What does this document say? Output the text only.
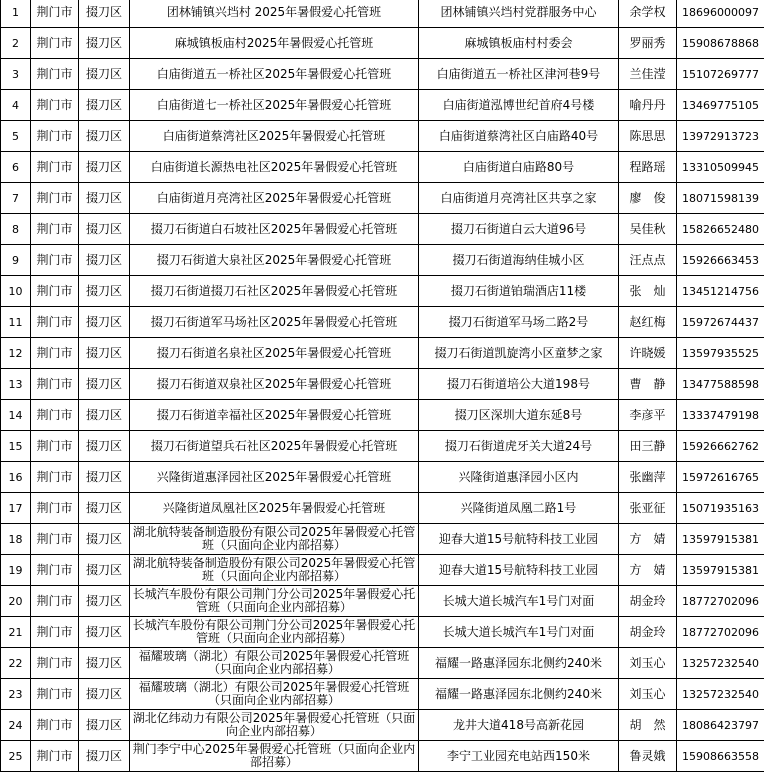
1	荆门市	掇刀区	团林铺镇兴垱村 2025年暑假爱心托管班	团林铺镇兴垱村党群服务中心	余学权	18696000097
2	荆门市	掇刀区	麻城镇板庙村2025年暑假爱心托管班	麻城镇板庙村村委会	罗丽秀	15908678868
3	荆门市	掇刀区	白庙街道五一桥社区2025年暑假爱心托管班	白庙街道五一桥社区津河巷9号	兰佳滢	15107269777
4	荆门市	掇刀区	白庙街道七一桥社区2025年暑假爱心托管班	白庙街道泓博世纪首府4号楼	喻丹丹	13469775105
5	荆门市	掇刀区	白庙街道蔡湾社区2025年暑假爱心托管班	白庙街道蔡湾社区白庙路40号	陈思思	13972913723
6	荆门市	掇刀区	白庙街道长源热电社区2025年暑假爱心托管班	白庙街道白庙路80号	程路瑶	13310509945
7	荆门市	掇刀区	白庙街道月亮湾社区2025年暑假爱心托管班	白庙街道月亮湾社区共享之家	廖　俊	18071598139
8	荆门市	掇刀区	掇刀石街道白石坡社区2025年暑假爱心托管班	掇刀石街道白云大道96号	吴佳秋	15826652480
9	荆门市	掇刀区	掇刀石街道大泉社区2025年暑假爱心托管班	掇刀石街道海纳佳城小区	汪点点	15926663453
10	荆门市	掇刀区	掇刀石街道掇刀石社区2025年暑假爱心托管班	掇刀石街道铂瑞酒店11楼	张　灿	13451214756
11	荆门市	掇刀区	掇刀石街道军马场社区2025年暑假爱心托管班	掇刀石街道军马场二路2号	赵红梅	15972674437
12	荆门市	掇刀区	掇刀石街道名泉社区2025年暑假爱心托管班	掇刀石街道凯旋湾小区童梦之家	许晓媛	13597935525
13	荆门市	掇刀区	掇刀石街道双泉社区2025年暑假爱心托管班	掇刀石街道培公大道198号	曹　静	13477588598
14	荆门市	掇刀区	掇刀石街道幸福社区2025年暑假爱心托管班	掇刀区深圳大道东延8号	李彦平	13337479198
15	荆门市	掇刀区	掇刀石街道望兵石社区2025年暑假爱心托管班	掇刀石街道虎牙关大道24号	田三静	15926662762
16	荆门市	掇刀区	兴隆街道惠泽园社区2025年暑假爱心托管班	兴隆街道惠泽园小区内	张幽萍	15972616765
17	荆门市	掇刀区	兴隆街道凤凰社区2025年暑假爱心托管班	兴隆街道凤凰二路1号	张亚征	15071935163
18	荆门市	掇刀区	湖北航特装备制造股份有限公司2025年暑假爱心托管班（只面向企业内部招募）	迎春大道15号航特科技工业园	方　婧	13597915381
19	荆门市	掇刀区	湖北航特装备制造股份有限公司2025年暑假爱心托管班（只面向企业内部招募）	迎春大道15号航特科技工业园	方　婧	13597915381
20	荆门市	掇刀区	长城汽车股份有限公司荆门分公司2025年暑假爱心托管班（只面向企业内部招募）	长城大道长城汽车1号门对面	胡金玲	18772702096
21	荆门市	掇刀区	长城汽车股份有限公司荆门分公司2025年暑假爱心托管班（只面向企业内部招募）	长城大道长城汽车1号门对面	胡金玲	18772702096
22	荆门市	掇刀区	福耀玻璃（湖北）有限公司2025年暑假爱心托管班（只面向企业内部招募）	福耀一路惠泽园东北侧约240米	刘玉心	13257232540
23	荆门市	掇刀区	福耀玻璃（湖北）有限公司2025年暑假爱心托管班（只面向企业内部招募）	福耀一路惠泽园东北侧约240米	刘玉心	13257232540
24	荆门市	掇刀区	湖北亿纬动力有限公司2025年暑假爱心托管班（只面向企业内部招募）	龙井大道418号高新花园	胡　然	18086423797
25	荆门市	掇刀区	荆门李宁中心2025年暑假爱心托管班（只面向企业内部招募）	李宁工业园充电站西150米	鲁灵娥	15908663558
